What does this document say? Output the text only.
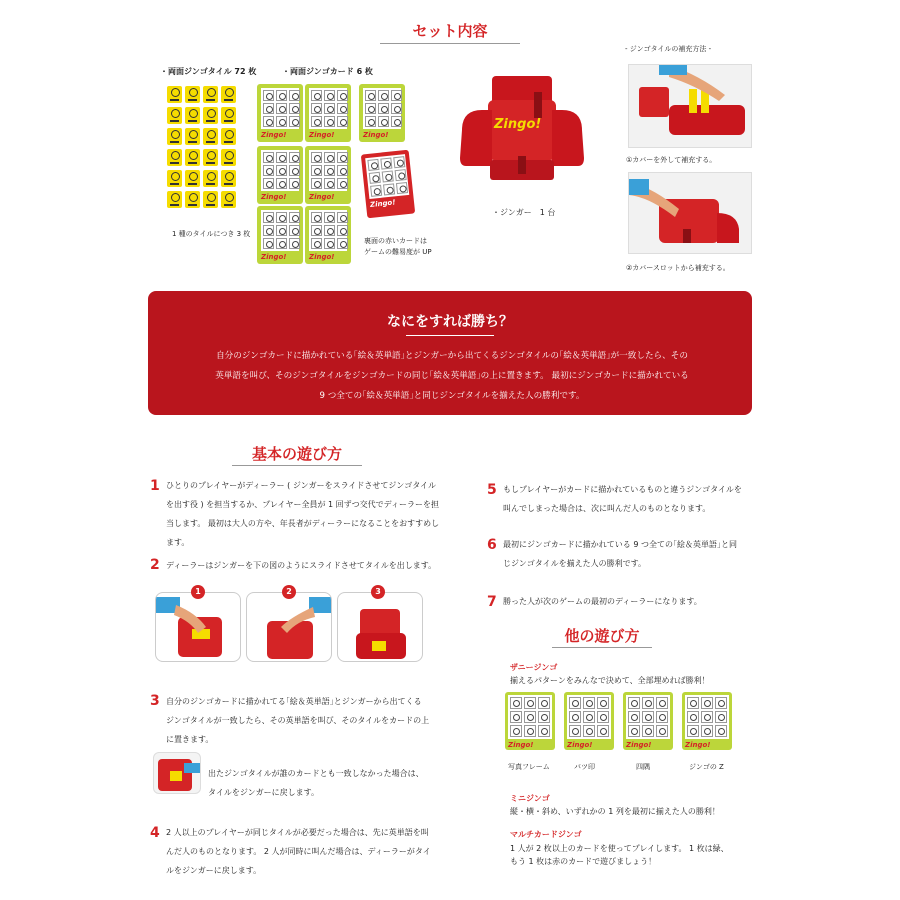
セット内容
・両面ジンゴタイル 72 枚	・両面ジンゴカード 6 枚
1 種のタイルにつき 3 枚
Zingo!	Zingo!	Zingo!
Zingo!	Zingo!
Zingo!
Zingo!	Zingo!
裏面の赤いカードは
ゲームの難易度が UP
Zingo!
・ジンガー　1 台
- ジンゴタイルの補充方法 -
①カバーを外して補充する。
②カバースロットから補充する。
なにをすれば勝ち？
自分のジンゴカードに描かれている｢絵＆英単語｣とジンガーから出てくるジンゴタイルの｢絵＆英単語｣が一致したら、その
英単語を叫び、そのジンゴタイルをジンゴカードの同じ｢絵＆英単語｣の上に置きます。 最初にジンゴカードに描かれている
9 つ全ての｢絵＆英単語｣と同じジンゴタイルを揃えた人の勝利です。
基本の遊び方
1 ひとりのプレイヤーがディーラー ( ジンガーをスライドさせてジンゴタイル
を出す役 ) を担当するか、プレイヤー全員が 1 回ずつ交代でディーラーを担
当します。 最初は大人の方や、年長者がディーラーになることをおすすめし
ます。
2 ディーラーはジンガーを下の図のようにスライドさせてタイルを出します。
1	2	3
3 自分のジンゴカードに描かれてる｢絵＆英単語｣とジンガーから出てくる
ジンゴタイルが一致したら、その英単語を叫び、そのタイルをカードの上
に置きます。
出たジンゴタイルが誰のカードとも一致しなかった場合は、
タイルをジンガーに戻します。
4 2 人以上のプレイヤーが同じタイルが必要だった場合は、先に英単語を叫
んだ人のものとなります。 2 人が同時に叫んだ場合は、ディーラーがタイ
ルをジンガーに戻します。
5 もしプレイヤーがカードに描かれているものと違うジンゴタイルを
叫んでしまった場合は、次に叫んだ人のものとなります。
6 最初にジンゴカードに描かれている 9 つ全ての｢絵＆英単語｣と同
じジンゴタイルを揃えた人の勝利です。
7 勝った人が次のゲームの最初のディーラーになります。
他の遊び方
ザニージンゴ
揃えるパターンをみんなで決めて、全部埋めれば勝利！
Zingo!	Zingo!	Zingo!	Zingo!
写真フレーム	バツ印	四隅	ジンゴの Z
ミニジンゴ
縦・横・斜め、いずれかの 1 列を最初に揃えた人の勝利！
マルチカードジンゴ
1 人が 2 枚以上のカードを使ってプレイします。 1 枚は緑、
もう 1 枚は赤のカードで遊びましょう！
